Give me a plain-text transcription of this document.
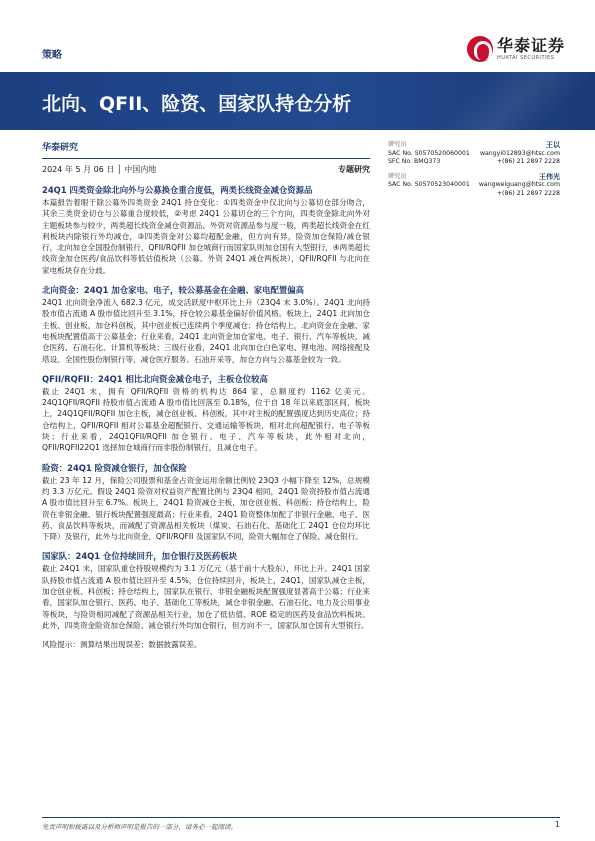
策略
华泰证券
HUATAI SECURITIES
北向、QFII、险资、国家队持仓分析
华泰研究
2024 年 5 月 06 日 │ 中国内地	专题研究
研究员	王以
SAC No. S0570520060001 wangyi012893@htsc.com
SFC No. BMQ373	+(86) 21 2897 2228
研究员	王伟光
SAC No. S0570523040001 wangweiguang@htsc.com
+(86) 21 2897 2228
24Q1 四类资金除北向外与公募换仓重合度低，两类长线资金减仓资源品
本篇报告着眼于除公募外四类资金 24Q1 持仓变化：①四类资金中仅北向与公募切仓部分吻合，其余三类资金切仓与公募重合度较低，②考虑 24Q1 公募切仓的三个方向，四类资金除北向外对主题板块参与较少，两类超长线资金减仓资源品、外资对资源品参与度一般，两类超长线资金在红利板块内除银行外均减仓，③四类资金对公募均超配金融，但方向有异，险资加仓保险/减仓银行，北向加仓全国股份制银行，QFII/RQFII 加仓城商行而国家队则加仓国有大型银行，④两类超长线资金加仓医药/食品饮料等低估值板块（公募、外资 24Q1 减仓两板块），QFII/RQFII 与北向在家电板块存在分歧。
北向资金：24Q1 加仓家电、电子，较公募基金在金融、家电配置偏高
24Q1 北向资金净流入 682.3 亿元，成交活跃度中枢环比上升（23Q4 末 3.0%）。24Q1 北向持股市值占流通 A 股市值比回升至 3.1%，持仓较公募基金偏好价值风格。板块上，24Q1 北向加仓主板、创业板，加仓科创板，其中创业板已连续两个季度减仓；持仓结构上，北向资金在金融、家电板块配置值高于公募基金；行业来看，24Q1 北向资金加仓家电、电子、银行、汽车等板块，减仓医药、石油石化、计算机等板块；三级行业看，24Q1 北向加仓白色家电、锂电池、网络接配及塔设、全国性股份制银行等，减仓医疗服务、石油开采等，加仓方向与公募基金较为一致。
QFII/RQFII：24Q1 相比北向资金减仓电子，主板仓位较高
截止 24Q1 末，拥有 QFII/RQFII 资格的机构达 864 家，总额度约 1162 亿美元。24Q1QFII/RQFII 持股市值占流通 A 股市值比回落至 0.18%，位于自 18 年以来底部区间，板块上，24Q1QFII/RQFII 加仓主板，减仓创业板、科创板，其中对主板的配置强度达到历史高位；持仓结构上，QFII/RQFII 相对公募基金超配银行、交通运输等板块，相对北向超配银行、电子等板块；行业来看，24Q1QFII/RQFII 加仓银行、电子、汽车等板块，此外相对北向，QFII/RQFII22Q1 选择加仓城商行而非股份制银行，且减仓电子。
险资：24Q1 险资减仓银行，加仓保险
截止 23 年 12 月，保险公司股票和基金占资金运用余额比例较 23Q3 小幅下降至 12%，总规模约 3.3 万亿元。假设 24Q1 险资对权益资产配置比例与 23Q4 相同，24Q1 险资持股市值占流通 A 股市值比回升至 6.7%。板块上，24Q1 险资减仓主板，加仓创业板、科创板；持仓结构上，险资在非银金融、银行板块配置强度最高；行业来看，24Q1 险资整体加配了非银行金融、电子、医药、食品饮料等板块，而减配了资源品相关板块（煤炭、石油石化、基础化工 24Q1 仓位均环比下降）及银行，此外与北向资金、QFII/RQFII 及国家队不同，险资大幅加仓了保险、减仓银行。
国家队：24Q1 仓位持续回升，加仓银行及医药板块
截止 24Q1 末，国家队重仓持股规模约为 3.1 万亿元（基于前十大股东），环比上升。24Q1 国家队持股市值占流通 A 股市值比回升至 4.5%，仓位持续回升，板块上，24Q1，国家队减仓主板，加仓创业板、科创板；持仓结构上，国家队在银行、非银金融板块配置强度显著高于公募；行业来看，国家队加仓银行、医药、电子、基础化工等板块，减仓非银金融、石油石化、电力及公用事业等板块，与险资相同减配了资源品相关行业，加仓了低估值、ROE 稳定的医药及食品饮料板块。此外，四类资金险资加仓保险、减仓银行外均加仓银行，但方向不一，国家队加仓国有大型银行。
风险提示：测算结果出现误差；数据披露误差。
免责声明和披露以及分析师声明是报告的一部分，请务必一起阅读。	1
